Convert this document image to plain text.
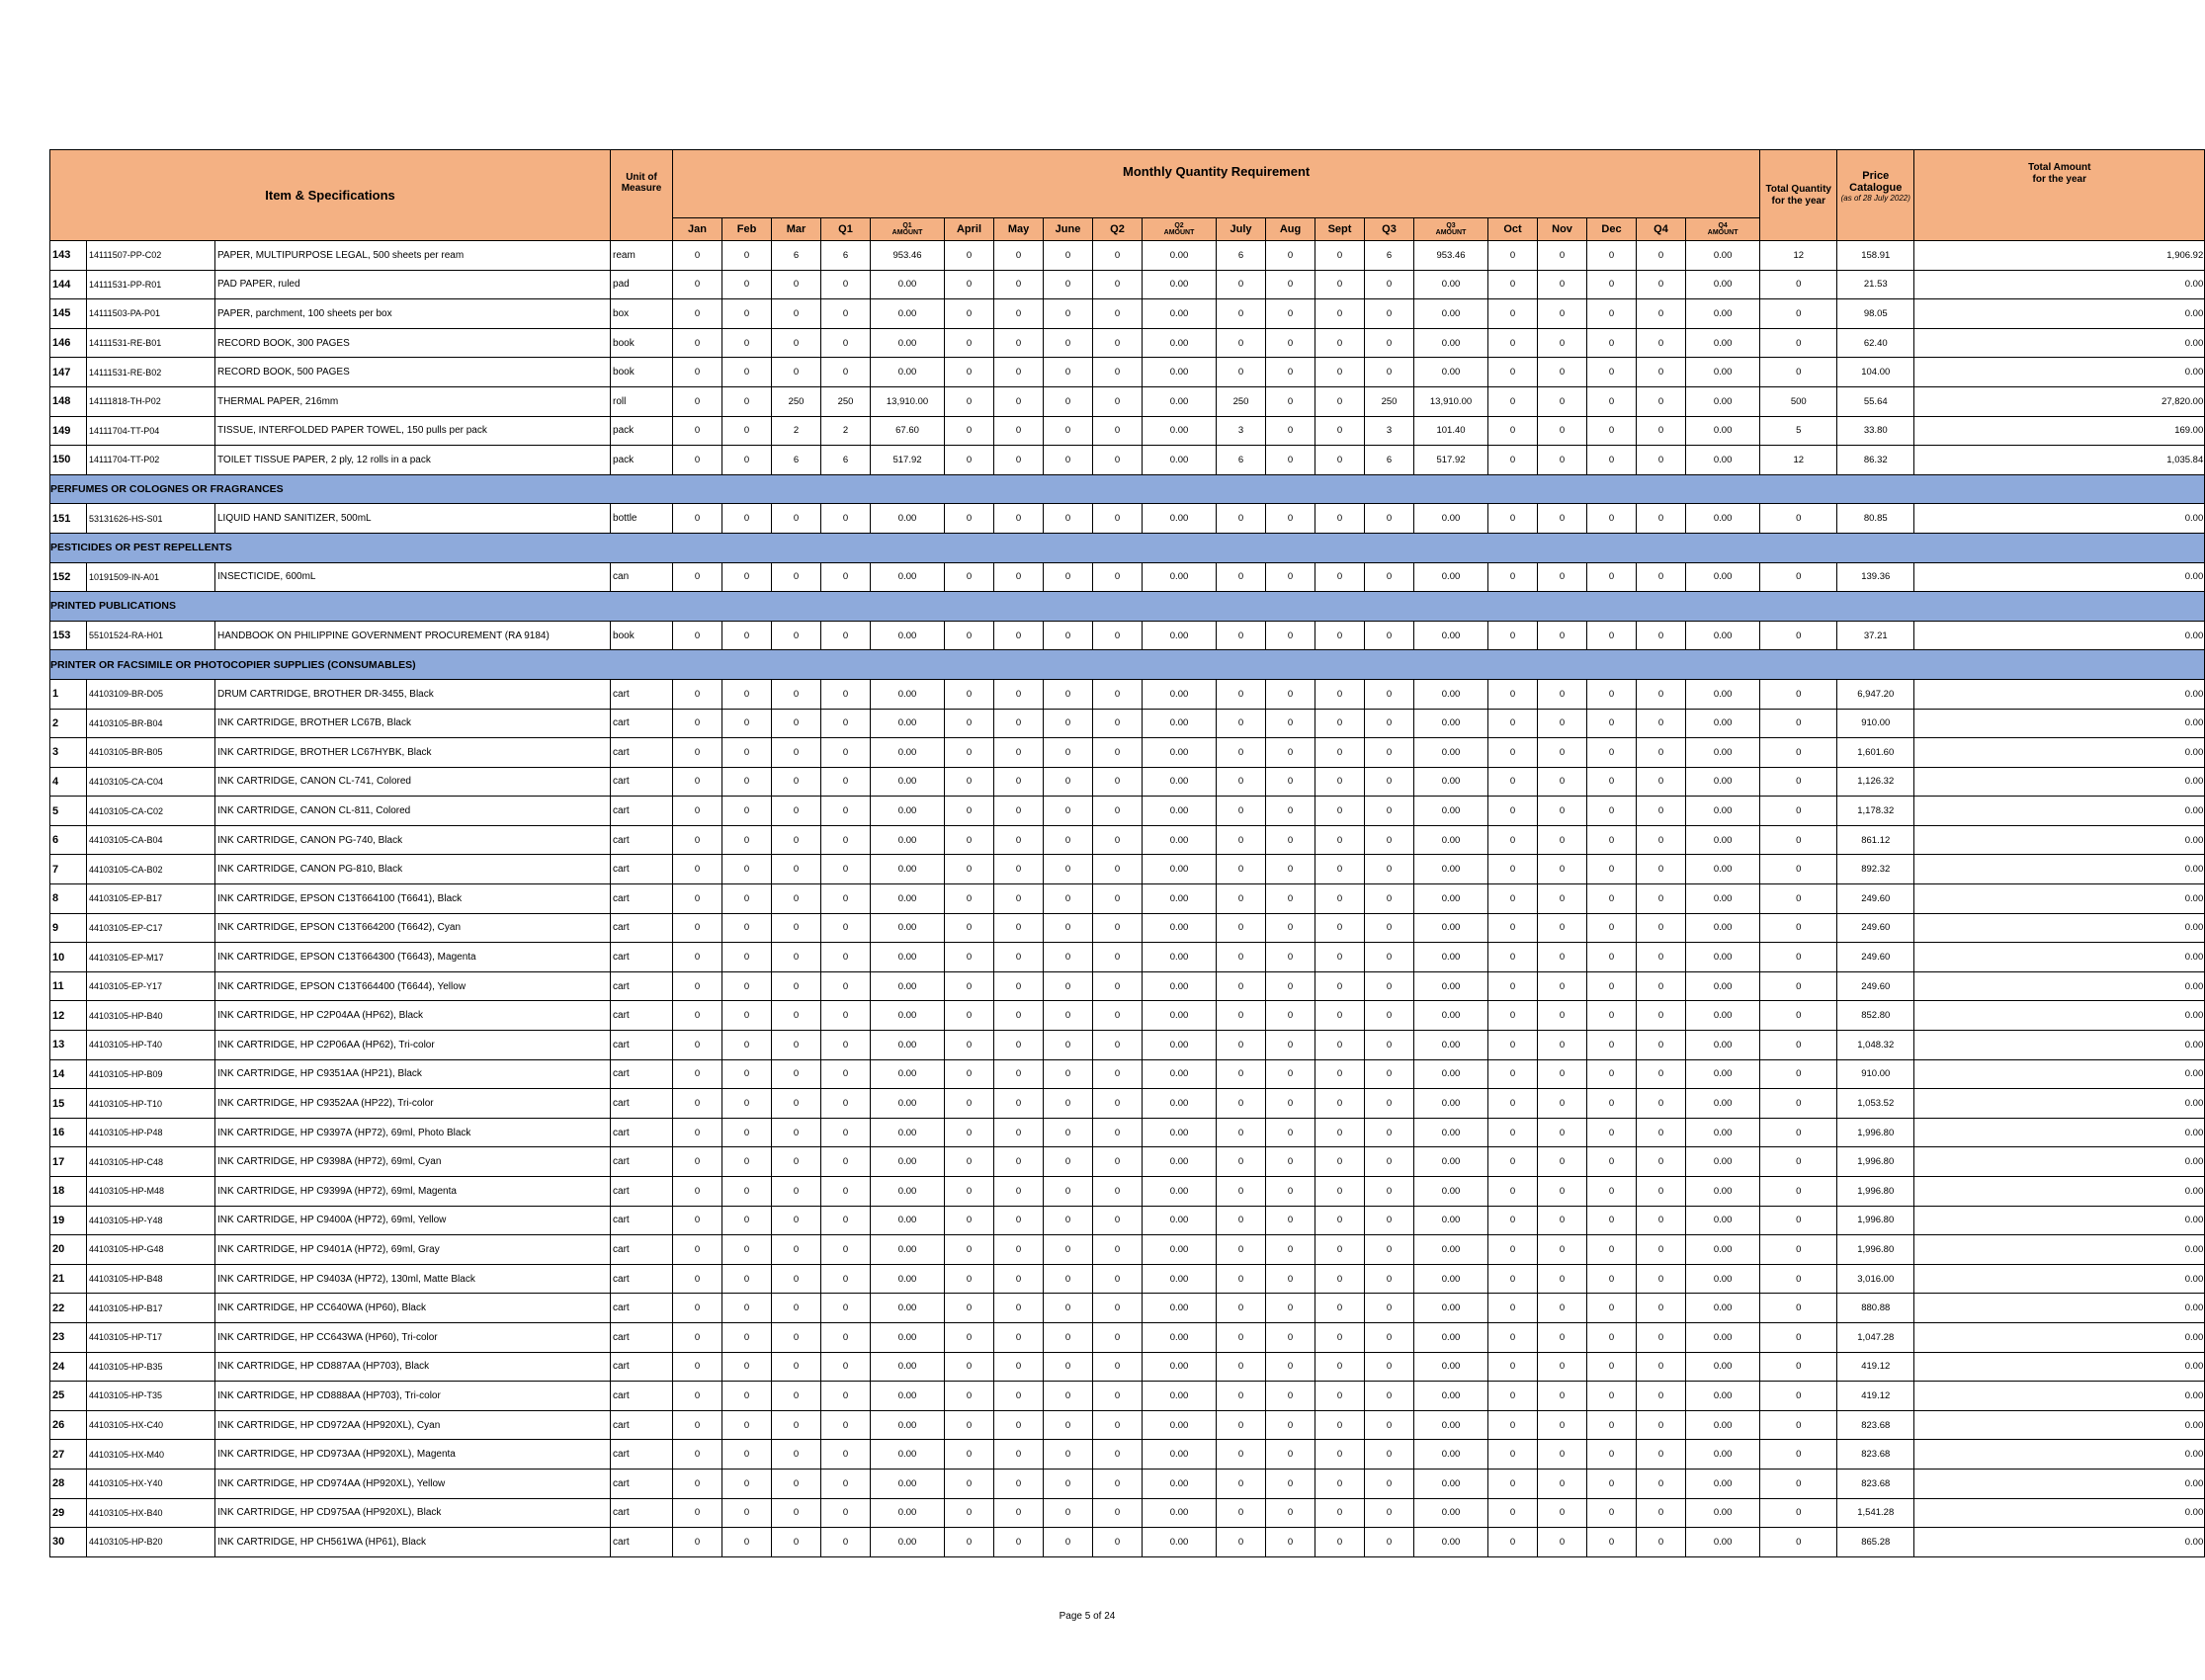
Item & Specifications			Unit of
Measure	Monthly Quantity Requirement																				Total Quantity
for the year	Price
Catalogue
(as of 28 July 2022)	Total Amount
for the year
				Jan	Feb	Mar	Q1	Q1
AMOUNT	April	May	June	Q2	Q2
AMOUNT	July	Aug	Sept	Q3	Q3
AMOUNT	Oct	Nov	Dec	Q4	Q4
AMOUNT			
143	14111507-PP-C02	PAPER, MULTIPURPOSE LEGAL, 500 sheets per ream	ream	0	0	6	6	953.46	0	0	0	0	0.00	6	0	0	6	953.46	0	0	0	0	0.00	12	158.91	1,906.92
144	14111531-PP-R01	PAD PAPER, ruled	pad	0	0	0	0	0.00	0	0	0	0	0.00	0	0	0	0	0.00	0	0	0	0	0.00	0	21.53	0.00
145	14111503-PA-P01	PAPER, parchment, 100 sheets per box	box	0	0	0	0	0.00	0	0	0	0	0.00	0	0	0	0	0.00	0	0	0	0	0.00	0	98.05	0.00
146	14111531-RE-B01	RECORD BOOK, 300 PAGES	book	0	0	0	0	0.00	0	0	0	0	0.00	0	0	0	0	0.00	0	0	0	0	0.00	0	62.40	0.00
147	14111531-RE-B02	RECORD BOOK, 500 PAGES	book	0	0	0	0	0.00	0	0	0	0	0.00	0	0	0	0	0.00	0	0	0	0	0.00	0	104.00	0.00
148	14111818-TH-P02	THERMAL PAPER, 216mm	roll	0	0	250	250	13,910.00	0	0	0	0	0.00	250	0	0	250	13,910.00	0	0	0	0	0.00	500	55.64	27,820.00
149	14111704-TT-P04	TISSUE, INTERFOLDED PAPER TOWEL, 150 pulls per pack	pack	0	0	2	2	67.60	0	0	0	0	0.00	3	0	0	3	101.40	0	0	0	0	0.00	5	33.80	169.00
150	14111704-TT-P02	TOILET TISSUE PAPER, 2 ply, 12 rolls in a pack	pack	0	0	6	6	517.92	0	0	0	0	0.00	6	0	0	6	517.92	0	0	0	0	0.00	12	86.32	1,035.84
PERFUMES OR COLOGNES OR FRAGRANCES																										
151	53131626-HS-S01	LIQUID HAND SANITIZER, 500mL	bottle	0	0	0	0	0.00	0	0	0	0	0.00	0	0	0	0	0.00	0	0	0	0	0.00	0	80.85	0.00
PESTICIDES OR PEST REPELLENTS																										
152	10191509-IN-A01	INSECTICIDE, 600mL	can	0	0	0	0	0.00	0	0	0	0	0.00	0	0	0	0	0.00	0	0	0	0	0.00	0	139.36	0.00
PRINTED PUBLICATIONS																										
153	55101524-RA-H01	HANDBOOK ON PHILIPPINE GOVERNMENT PROCUREMENT (RA 9184)	book	0	0	0	0	0.00	0	0	0	0	0.00	0	0	0	0	0.00	0	0	0	0	0.00	0	37.21	0.00
PRINTER OR FACSIMILE OR PHOTOCOPIER SUPPLIES (CONSUMABLES)																										
1	44103109-BR-D05	DRUM CARTRIDGE, BROTHER DR-3455, Black	cart	0	0	0	0	0.00	0	0	0	0	0.00	0	0	0	0	0.00	0	0	0	0	0.00	0	6,947.20	0.00
2	44103105-BR-B04	INK CARTRIDGE, BROTHER LC67B, Black	cart	0	0	0	0	0.00	0	0	0	0	0.00	0	0	0	0	0.00	0	0	0	0	0.00	0	910.00	0.00
3	44103105-BR-B05	INK CARTRIDGE, BROTHER LC67HYBK, Black	cart	0	0	0	0	0.00	0	0	0	0	0.00	0	0	0	0	0.00	0	0	0	0	0.00	0	1,601.60	0.00
4	44103105-CA-C04	INK CARTRIDGE, CANON CL-741, Colored	cart	0	0	0	0	0.00	0	0	0	0	0.00	0	0	0	0	0.00	0	0	0	0	0.00	0	1,126.32	0.00
5	44103105-CA-C02	INK CARTRIDGE, CANON CL-811, Colored	cart	0	0	0	0	0.00	0	0	0	0	0.00	0	0	0	0	0.00	0	0	0	0	0.00	0	1,178.32	0.00
6	44103105-CA-B04	INK CARTRIDGE, CANON PG-740, Black	cart	0	0	0	0	0.00	0	0	0	0	0.00	0	0	0	0	0.00	0	0	0	0	0.00	0	861.12	0.00
7	44103105-CA-B02	INK CARTRIDGE, CANON PG-810, Black	cart	0	0	0	0	0.00	0	0	0	0	0.00	0	0	0	0	0.00	0	0	0	0	0.00	0	892.32	0.00
8	44103105-EP-B17	INK CARTRIDGE, EPSON C13T664100 (T6641), Black	cart	0	0	0	0	0.00	0	0	0	0	0.00	0	0	0	0	0.00	0	0	0	0	0.00	0	249.60	0.00
9	44103105-EP-C17	INK CARTRIDGE, EPSON C13T664200 (T6642), Cyan	cart	0	0	0	0	0.00	0	0	0	0	0.00	0	0	0	0	0.00	0	0	0	0	0.00	0	249.60	0.00
10	44103105-EP-M17	INK CARTRIDGE, EPSON C13T664300 (T6643), Magenta	cart	0	0	0	0	0.00	0	0	0	0	0.00	0	0	0	0	0.00	0	0	0	0	0.00	0	249.60	0.00
11	44103105-EP-Y17	INK CARTRIDGE, EPSON C13T664400 (T6644), Yellow	cart	0	0	0	0	0.00	0	0	0	0	0.00	0	0	0	0	0.00	0	0	0	0	0.00	0	249.60	0.00
12	44103105-HP-B40	INK CARTRIDGE, HP C2P04AA (HP62), Black	cart	0	0	0	0	0.00	0	0	0	0	0.00	0	0	0	0	0.00	0	0	0	0	0.00	0	852.80	0.00
13	44103105-HP-T40	INK CARTRIDGE, HP C2P06AA (HP62), Tri-color	cart	0	0	0	0	0.00	0	0	0	0	0.00	0	0	0	0	0.00	0	0	0	0	0.00	0	1,048.32	0.00
14	44103105-HP-B09	INK CARTRIDGE, HP C9351AA (HP21), Black	cart	0	0	0	0	0.00	0	0	0	0	0.00	0	0	0	0	0.00	0	0	0	0	0.00	0	910.00	0.00
15	44103105-HP-T10	INK CARTRIDGE, HP C9352AA (HP22), Tri-color	cart	0	0	0	0	0.00	0	0	0	0	0.00	0	0	0	0	0.00	0	0	0	0	0.00	0	1,053.52	0.00
16	44103105-HP-P48	INK CARTRIDGE, HP C9397A (HP72), 69ml, Photo Black	cart	0	0	0	0	0.00	0	0	0	0	0.00	0	0	0	0	0.00	0	0	0	0	0.00	0	1,996.80	0.00
17	44103105-HP-C48	INK CARTRIDGE, HP C9398A (HP72), 69ml, Cyan	cart	0	0	0	0	0.00	0	0	0	0	0.00	0	0	0	0	0.00	0	0	0	0	0.00	0	1,996.80	0.00
18	44103105-HP-M48	INK CARTRIDGE, HP C9399A (HP72), 69ml, Magenta	cart	0	0	0	0	0.00	0	0	0	0	0.00	0	0	0	0	0.00	0	0	0	0	0.00	0	1,996.80	0.00
19	44103105-HP-Y48	INK CARTRIDGE, HP C9400A (HP72), 69ml, Yellow	cart	0	0	0	0	0.00	0	0	0	0	0.00	0	0	0	0	0.00	0	0	0	0	0.00	0	1,996.80	0.00
20	44103105-HP-G48	INK CARTRIDGE, HP C9401A (HP72), 69ml, Gray	cart	0	0	0	0	0.00	0	0	0	0	0.00	0	0	0	0	0.00	0	0	0	0	0.00	0	1,996.80	0.00
21	44103105-HP-B48	INK CARTRIDGE, HP C9403A (HP72), 130ml, Matte Black	cart	0	0	0	0	0.00	0	0	0	0	0.00	0	0	0	0	0.00	0	0	0	0	0.00	0	3,016.00	0.00
22	44103105-HP-B17	INK CARTRIDGE, HP CC640WA (HP60), Black	cart	0	0	0	0	0.00	0	0	0	0	0.00	0	0	0	0	0.00	0	0	0	0	0.00	0	880.88	0.00
23	44103105-HP-T17	INK CARTRIDGE, HP CC643WA (HP60), Tri-color	cart	0	0	0	0	0.00	0	0	0	0	0.00	0	0	0	0	0.00	0	0	0	0	0.00	0	1,047.28	0.00
24	44103105-HP-B35	INK CARTRIDGE, HP CD887AA (HP703), Black	cart	0	0	0	0	0.00	0	0	0	0	0.00	0	0	0	0	0.00	0	0	0	0	0.00	0	419.12	0.00
25	44103105-HP-T35	INK CARTRIDGE, HP CD888AA (HP703), Tri-color	cart	0	0	0	0	0.00	0	0	0	0	0.00	0	0	0	0	0.00	0	0	0	0	0.00	0	419.12	0.00
26	44103105-HX-C40	INK CARTRIDGE, HP CD972AA (HP920XL), Cyan	cart	0	0	0	0	0.00	0	0	0	0	0.00	0	0	0	0	0.00	0	0	0	0	0.00	0	823.68	0.00
27	44103105-HX-M40	INK CARTRIDGE, HP CD973AA (HP920XL), Magenta	cart	0	0	0	0	0.00	0	0	0	0	0.00	0	0	0	0	0.00	0	0	0	0	0.00	0	823.68	0.00
28	44103105-HX-Y40	INK CARTRIDGE, HP CD974AA (HP920XL), Yellow	cart	0	0	0	0	0.00	0	0	0	0	0.00	0	0	0	0	0.00	0	0	0	0	0.00	0	823.68	0.00
29	44103105-HX-B40	INK CARTRIDGE, HP CD975AA (HP920XL), Black	cart	0	0	0	0	0.00	0	0	0	0	0.00	0	0	0	0	0.00	0	0	0	0	0.00	0	1,541.28	0.00
30	44103105-HP-B20	INK CARTRIDGE, HP CH561WA (HP61), Black	cart	0	0	0	0	0.00	0	0	0	0	0.00	0	0	0	0	0.00	0	0	0	0	0.00	0	865.28	0.00
Page 5 of 24
